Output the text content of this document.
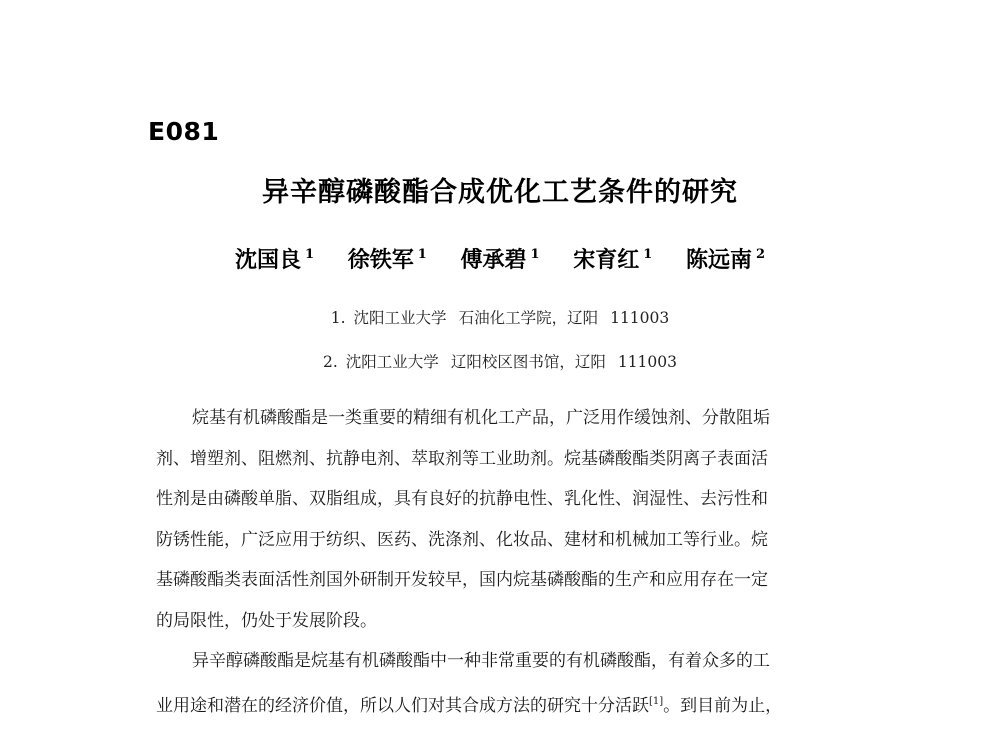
E081
异辛醇磷酸酯合成优化工艺条件的研究
沈国良 $^1$ 徐铁军 $^1$ 傅承碧 $^1$ 宋育红 $^1$ 陈远南 $^2$
1. 沈阳工业大学 石油化工学院，辽阳 111003
2. 沈阳工业大学 辽阳校区图书馆，辽阳 111003
烷基有机磷酸酯是一类重要的精细有机化工产品，广泛用作缓蚀剂、分散阻垢
剂、增塑剂、阻燃剂、抗静电剂、萃取剂等工业助剂。烷基磷酸酯类阴离子表面活
性剂是由磷酸单脂、双脂组成，具有良好的抗静电性、乳化性、润湿性、去污性和
防锈性能，广泛应用于纺织、医药、洗涤剂、化妆品、建材和机械加工等行业。烷
基磷酸酯类表面活性剂国外研制开发较早，国内烷基磷酸酯的生产和应用存在一定
的局限性，仍处于发展阶段。
异辛醇磷酸酯是烷基有机磷酸酯中一种非常重要的有机磷酸酯，有着众多的工
业用途和潜在的经济价值，所以人们对其合成方法的研究十分活跃[1]。到目前为止，
